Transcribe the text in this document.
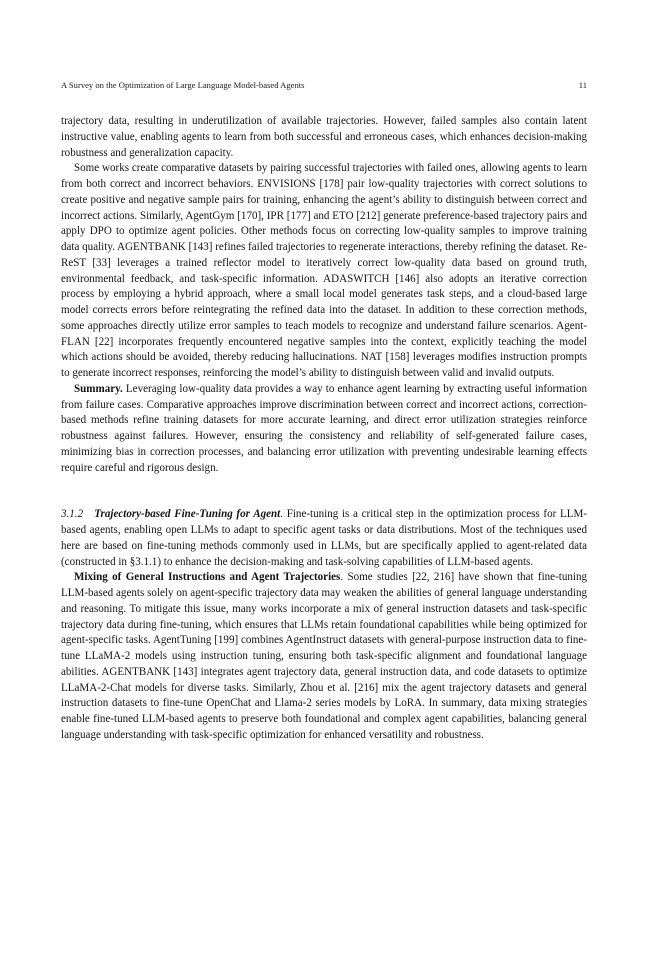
A Survey on the Optimization of Large Language Model-based Agents	11

trajectory data, resulting in underutilization of available trajectories. However, failed samples also contain latent instructive value, enabling agents to learn from both successful and erroneous cases, which enhances decision-making robustness and generalization capacity.

Some works create comparative datasets by pairing successful trajectories with failed ones, allowing agents to learn from both correct and incorrect behaviors. ENVISIONS [178] pair low-quality trajectories with correct solutions to create positive and negative sample pairs for training, enhancing the agent’s ability to distinguish between correct and incorrect actions. Similarly, AgentGym [170], IPR [177] and ETO [212] generate preference-based trajectory pairs and apply DPO to optimize agent policies. Other methods focus on correcting low-quality samples to improve training data quality. AGENTBANK [143] refines failed trajectories to regenerate interactions, thereby refining the dataset. Re-ReST [33] leverages a trained reflector model to iteratively correct low-quality data based on ground truth, environmental feedback, and task-specific information. ADASWITCH [146] also adopts an iterative correction process by employing a hybrid approach, where a small local model generates task steps, and a cloud-based large model corrects errors before reintegrating the refined data into the dataset. In addition to these correction methods, some approaches directly utilize error samples to teach models to recognize and understand failure scenarios. Agent-FLAN [22] incorporates frequently encountered negative samples into the context, explicitly teaching the model which actions should be avoided, thereby reducing hallucinations. NAT [158] leverages modifies instruction prompts to generate incorrect responses, reinforcing the model’s ability to distinguish between valid and invalid outputs.

Summary. Leveraging low-quality data provides a way to enhance agent learning by extracting useful information from failure cases. Comparative approaches improve discrimination between correct and incorrect actions, correction-based methods refine training datasets for more accurate learning, and direct error utilization strategies reinforce robustness against failures. However, ensuring the consistency and reliability of self-generated failure cases, minimizing bias in correction processes, and balancing error utilization with preventing undesirable learning effects require careful and rigorous design.

3.1.2 Trajectory-based Fine-Tuning for Agent. Fine-tuning is a critical step in the optimization process for LLM-based agents, enabling open LLMs to adapt to specific agent tasks or data distributions. Most of the techniques used here are based on fine-tuning methods commonly used in LLMs, but are specifically applied to agent-related data (constructed in §3.1.1) to enhance the decision-making and task-solving capabilities of LLM-based agents.

Mixing of General Instructions and Agent Trajectories. Some studies [22, 216] have shown that fine-tuning LLM-based agents solely on agent-specific trajectory data may weaken the abilities of general language understanding and reasoning. To mitigate this issue, many works incorporate a mix of general instruction datasets and task-specific trajectory data during fine-tuning, which ensures that LLMs retain foundational capabilities while being optimized for agent-specific tasks. AgentTuning [199] combines AgentInstruct datasets with general-purpose instruction data to fine-tune LLaMA-2 models using instruction tuning, ensuring both task-specific alignment and foundational language abilities. AGENTBANK [143] integrates agent trajectory data, general instruction data, and code datasets to optimize LLaMA-2-Chat models for diverse tasks. Similarly, Zhou et al. [216] mix the agent trajectory datasets and general instruction datasets to fine-tune OpenChat and Llama-2 series models by LoRA. In summary, data mixing strategies enable fine-tuned LLM-based agents to preserve both foundational and complex agent capabilities, balancing general language understanding with task-specific optimization for enhanced versatility and robustness.
